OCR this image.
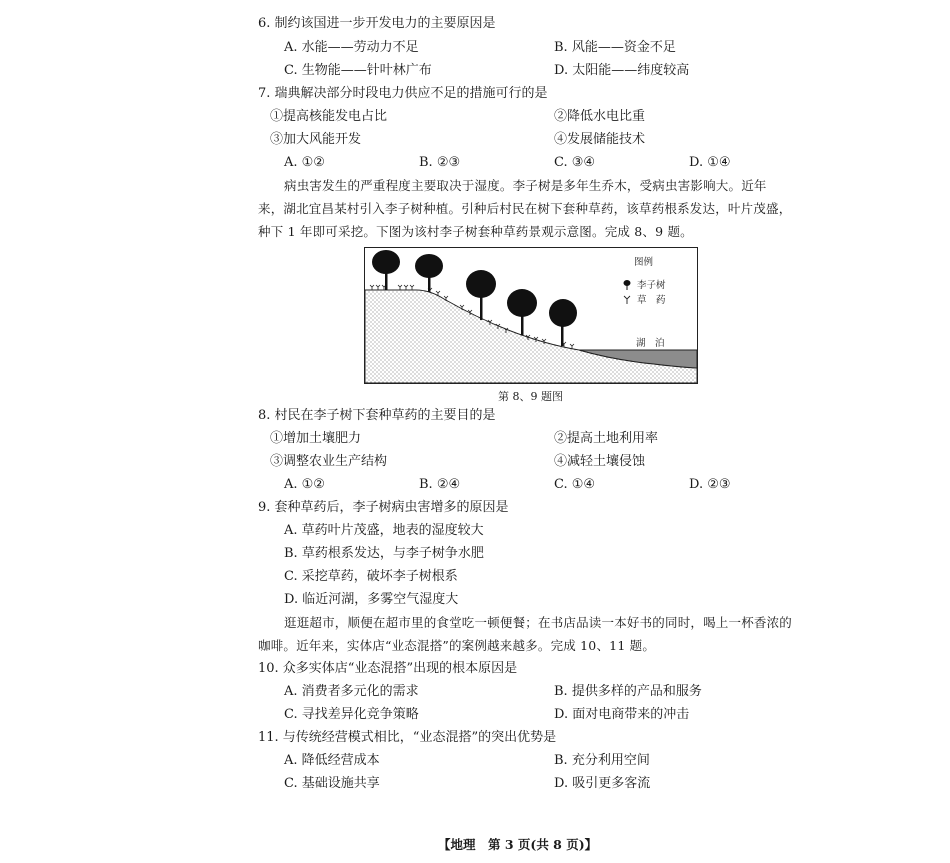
6. 制约该国进一步开发电力的主要原因是
A. 水能——劳动力不足	B. 风能——资金不足
C. 生物能——针叶林广布	D. 太阳能——纬度较高
7. 瑞典解决部分时段电力供应不足的措施可行的是
①提高核能发电占比	②降低水电比重
③加大风能开发	④发展储能技术
A. ①②	B. ②③	C. ③④	D. ①④
病虫害发生的严重程度主要取决于湿度。李子树是多年生乔木，受病虫害影响大。近年
来，湖北宜昌某村引入李子树种植。引种后村民在树下套种草药，该草药根系发达，叶片茂盛，
种下 1 年即可采挖。下图为该村李子树套种草药景观示意图。完成 8、9 题。
图例
李子树
草　药
湖　泊
第 8、9 题图
8. 村民在李子树下套种草药的主要目的是
①增加土壤肥力	②提高土地利用率
③调整农业生产结构	④减轻土壤侵蚀
A. ①②	B. ②④	C. ①④	D. ②③
9. 套种草药后，李子树病虫害增多的原因是
A. 草药叶片茂盛，地表的湿度较大
B. 草药根系发达，与李子树争水肥
C. 采挖草药，破坏李子树根系
D. 临近河湖，多雾空气湿度大
逛逛超市，顺便在超市里的食堂吃一顿便餐；在书店品读一本好书的同时，喝上一杯香浓的
咖啡。近年来，实体店“业态混搭”的案例越来越多。完成 10、11 题。
10. 众多实体店“业态混搭”出现的根本原因是
A. 消费者多元化的需求	B. 提供多样的产品和服务
C. 寻找差异化竞争策略	D. 面对电商带来的冲击
11. 与传统经营模式相比，“业态混搭”的突出优势是
A. 降低经营成本	B. 充分利用空间
C. 基础设施共享	D. 吸引更多客流
【地理　第 3 页(共 8 页)】
